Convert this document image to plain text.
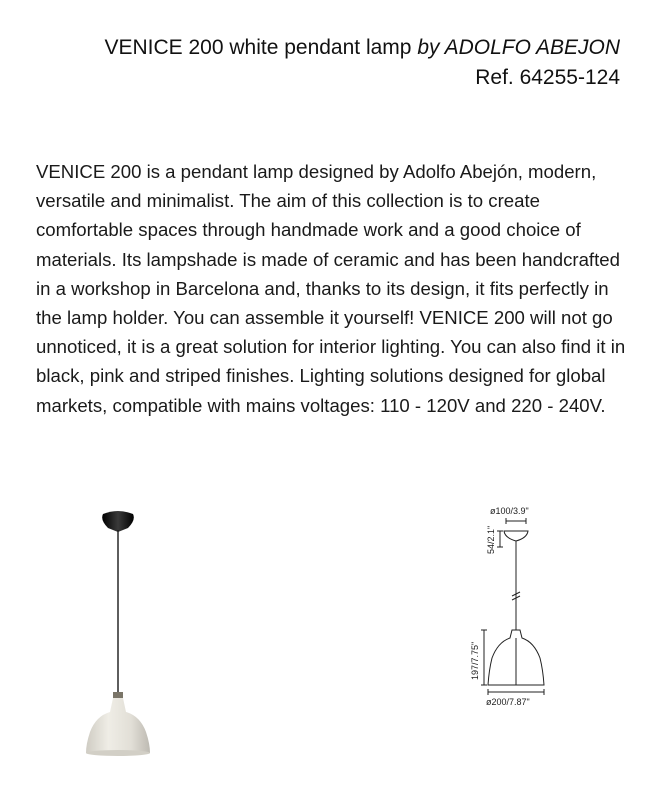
VENICE 200 white pendant lamp by ADOLFO ABEJON
Ref. 64255-124

VENICE 200 is a pendant lamp designed by Adolfo Abejón, modern, versatile and minimalist. The aim of this collection is to create comfortable spaces through handmade work and a good choice of materials. Its lampshade is made of ceramic and has been handcrafted in a workshop in Barcelona and, thanks to its design, it fits perfectly in the lamp holder. You can assemble it yourself! VENICE 200 will not go unnoticed, it is a great solution for interior lighting. You can also find it in black, pink and striped finishes. Lighting solutions designed for global markets, compatible with mains voltages: 110 - 120V and 220 - 240V.

ø100/3.9"
54/2.1"
197/7.75"
ø200/7.87"
